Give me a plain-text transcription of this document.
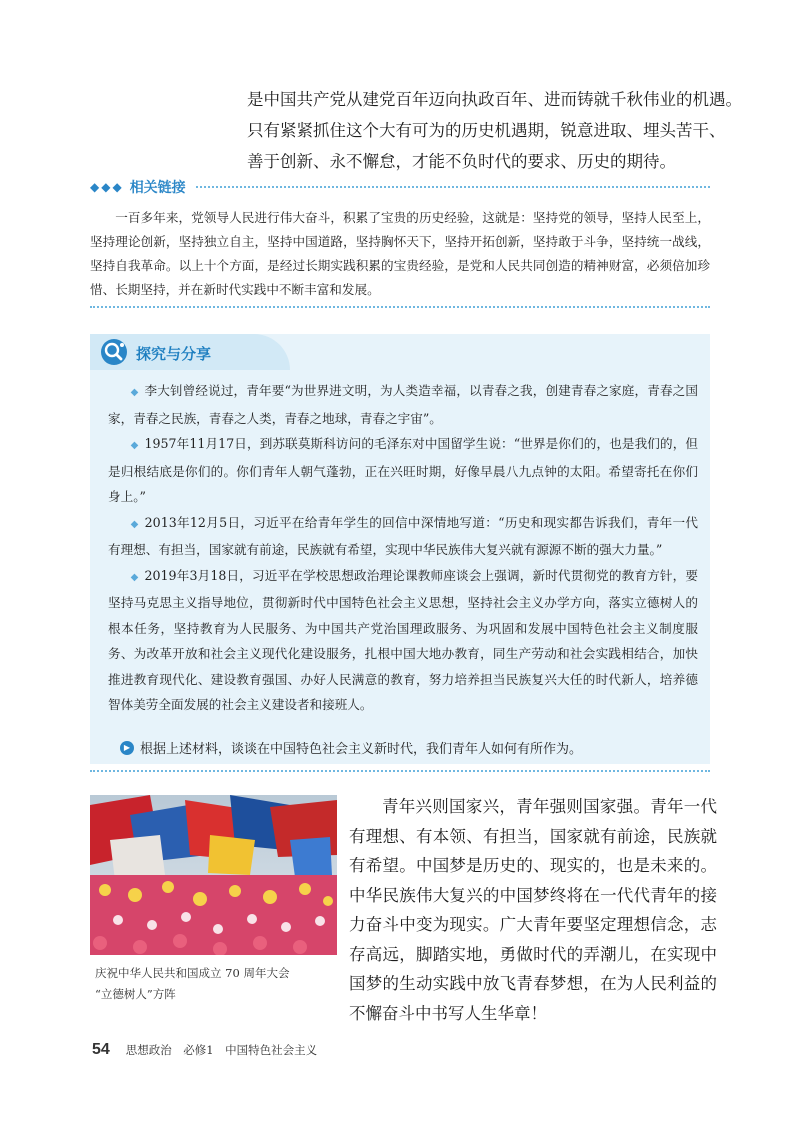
是中国共产党从建党百年迈向执政百年、进而铸就千秋伟业的机遇。

只有紧紧抓住这个大有可为的历史机遇期，锐意进取、埋头苦干、

善于创新、永不懈怠，才能不负时代的要求、历史的期待。

◆◆◆ 相关链接

一百多年来，党领导人民进行伟大奋斗，积累了宝贵的历史经验，这就是：坚持党的领导，坚持人民至上，坚持理论创新，坚持独立自主，坚持中国道路，坚持胸怀天下，坚持开拓创新，坚持敢于斗争，坚持统一战线，坚持自我革命。以上十个方面，是经过长期实践积累的宝贵经验，是党和人民共同创造的精神财富，必须倍加珍惜、长期坚持，并在新时代实践中不断丰富和发展。

探究与分享

◆ 李大钊曾经说过，青年要“为世界进文明，为人类造幸福，以青春之我，创建青春之家庭，青春之国家，青春之民族，青春之人类，青春之地球，青春之宇宙”。

◆ 1957年11月17日，到苏联莫斯科访问的毛泽东对中国留学生说：“世界是你们的，也是我们的，但是归根结底是你们的。你们青年人朝气蓬勃，正在兴旺时期，好像早晨八九点钟的太阳。希望寄托在你们身上。”

◆ 2013年12月5日，习近平在给青年学生的回信中深情地写道：“历史和现实都告诉我们，青年一代有理想、有担当，国家就有前途，民族就有希望，实现中华民族伟大复兴就有源源不断的强大力量。”

◆ 2019年3月18日，习近平在学校思想政治理论课教师座谈会上强调，新时代贯彻党的教育方针，要坚持马克思主义指导地位，贯彻新时代中国特色社会主义思想，坚持社会主义办学方向，落实立德树人的根本任务，坚持教育为人民服务、为中国共产党治国理政服务、为巩固和发展中国特色社会主义制度服务、为改革开放和社会主义现代化建设服务，扎根中国大地办教育，同生产劳动和社会实践相结合，加快推进教育现代化、建设教育强国、办好人民满意的教育，努力培养担当民族复兴大任的时代新人，培养德智体美劳全面发展的社会主义建设者和接班人。

▶ 根据上述材料，谈谈在中国特色社会主义新时代，我们青年人如何有所作为。

庆祝中华人民共和国成立 70 周年大会

“立德树人”方阵

青年兴则国家兴，青年强则国家强。青年一代有理想、有本领、有担当，国家就有前途，民族就有希望。中国梦是历史的、现实的，也是未来的。中华民族伟大复兴的中国梦终将在一代代青年的接力奋斗中变为现实。广大青年要坚定理想信念，志存高远，脚踏实地，勇做时代的弄潮儿，在实现中国梦的生动实践中放飞青春梦想，在为人民利益的不懈奋斗中书写人生华章！

54 思想政治　必修1　中国特色社会主义
